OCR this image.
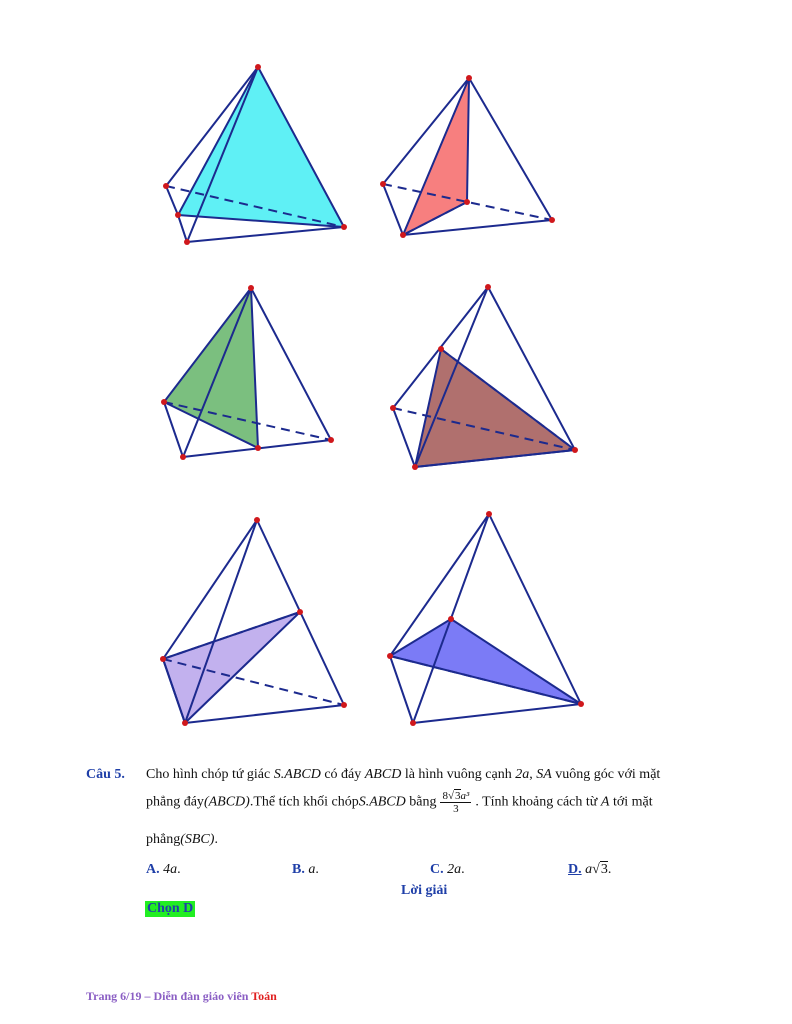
Câu 5. Cho hình chóp tứ giác S.ABCD có đáy ABCD là hình vuông cạnh 2a, SA vuông góc với mặt
phẳng đáy(ABCD).Thể tích khối chópS.ABCD bằng $\frac{\text{8√3a³}}{3}$ . Tính khoảng cách từ A tới mặt
phẳng(SBC).
A. 4a.	B. a.	C. 2a.	D. a√3.
Lời giải
Chọn D
Trang 6/19 – Diễn đàn giáo viên Toán
